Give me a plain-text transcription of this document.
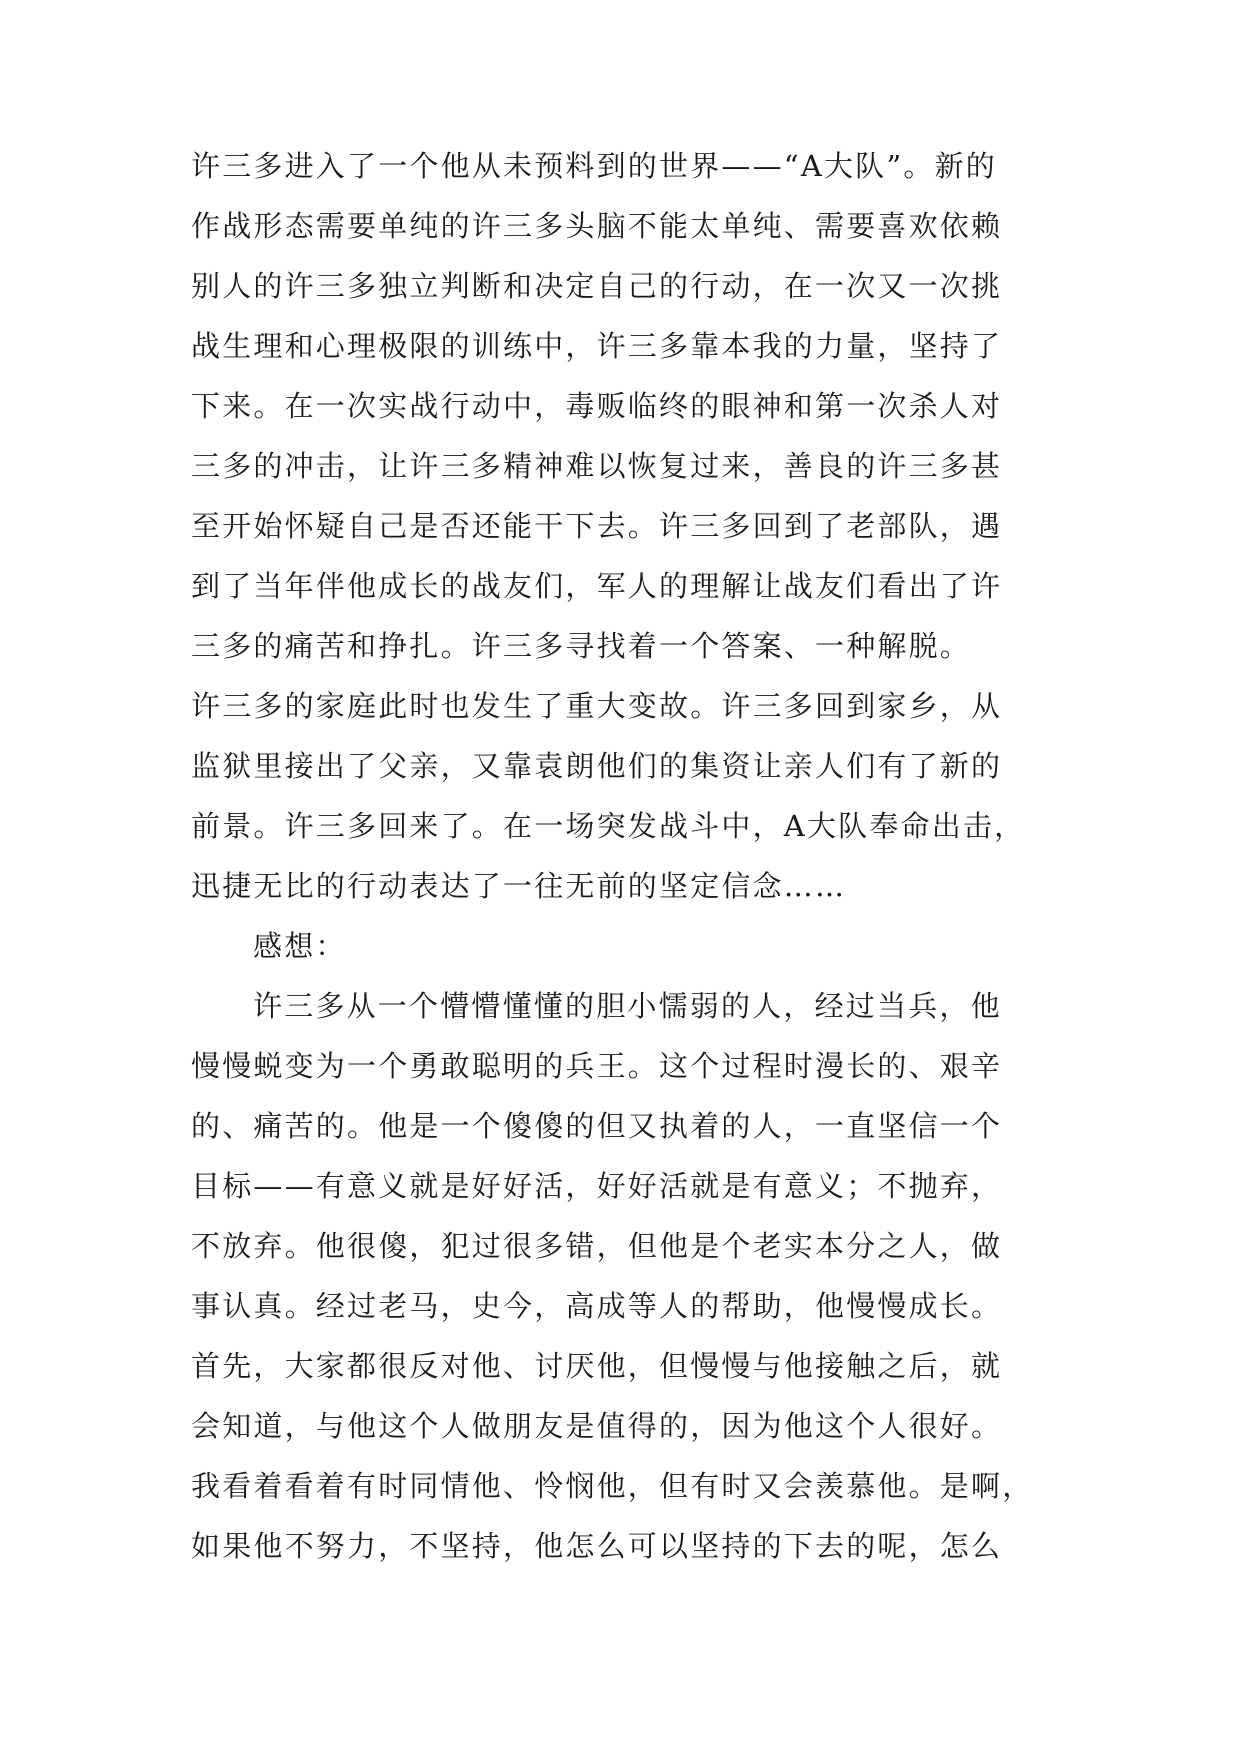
许三多进入了一个他从未预料到的世界——“A大队”。新的
作战形态需要单纯的许三多头脑不能太单纯、需要喜欢依赖
别人的许三多独立判断和决定自己的行动，在一次又一次挑
战生理和心理极限的训练中，许三多靠本我的力量，坚持了
下来。在一次实战行动中，毒贩临终的眼神和第一次杀人对
三多的冲击，让许三多精神难以恢复过来，善良的许三多甚
至开始怀疑自己是否还能干下去。许三多回到了老部队，遇
到了当年伴他成长的战友们，军人的理解让战友们看出了许
三多的痛苦和挣扎。许三多寻找着一个答案、一种解脱。
许三多的家庭此时也发生了重大变故。许三多回到家乡，从
监狱里接出了父亲，又靠袁朗他们的集资让亲人们有了新的
前景。许三多回来了。在一场突发战斗中，A大队奉命出击，
迅捷无比的行动表达了一往无前的坚定信念……
感想：
许三多从一个懵懵懂懂的胆小懦弱的人，经过当兵，他
慢慢蜕变为一个勇敢聪明的兵王。这个过程时漫长的、艰辛
的、痛苦的。他是一个傻傻的但又执着的人，一直坚信一个
目标——有意义就是好好活，好好活就是有意义；不抛弃，
不放弃。他很傻，犯过很多错，但他是个老实本分之人，做
事认真。经过老马，史今，高成等人的帮助，他慢慢成长。
首先，大家都很反对他、讨厌他，但慢慢与他接触之后，就
会知道，与他这个人做朋友是值得的，因为他这个人很好。
我看着看着有时同情他、怜悯他，但有时又会羡慕他。是啊，
如果他不努力，不坚持，他怎么可以坚持的下去的呢，怎么
